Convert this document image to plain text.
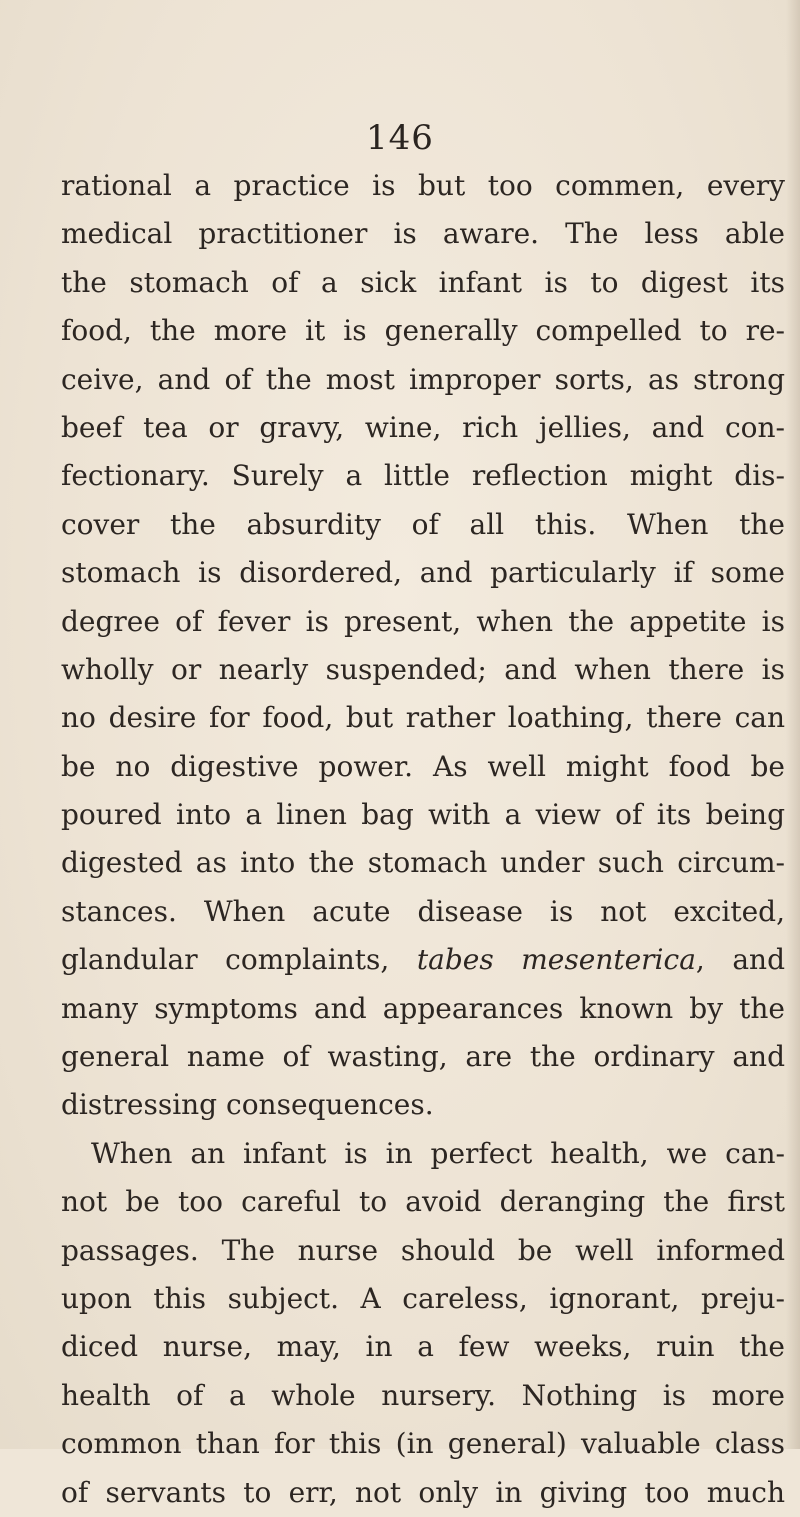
146
rational a practice is but too commen, every
medical practitioner is aware. The less able
the stomach of a sick infant is to digest its
food, the more it is generally compelled to re-
ceive, and of the most improper sorts, as strong
beef tea or gravy, wine, rich jellies, and con-
fectionary. Surely a little reflection might dis-
cover the absurdity of all this. When the
stomach is disordered, and particularly if some
degree of fever is present, when the appetite is
wholly or nearly suspended; and when there is
no desire for food, but rather loathing, there can
be no digestive power. As well might food be
poured into a linen bag with a view of its being
digested as into the stomach under such circum-
stances. When acute disease is not excited,
glandular complaints, tabes mesenterica, and
many symptoms and appearances known by the
general name of wasting, are the ordinary and
distressing consequences.
When an infant is in perfect health, we can-
not be too careful to avoid deranging the first
passages. The nurse should be well informed
upon this subject. A careless, ignorant, preju-
diced nurse, may, in a few weeks, ruin the
health of a whole nursery. Nothing is more
common than for this (in general) valuable class
of servants to err, not only in giving too much
